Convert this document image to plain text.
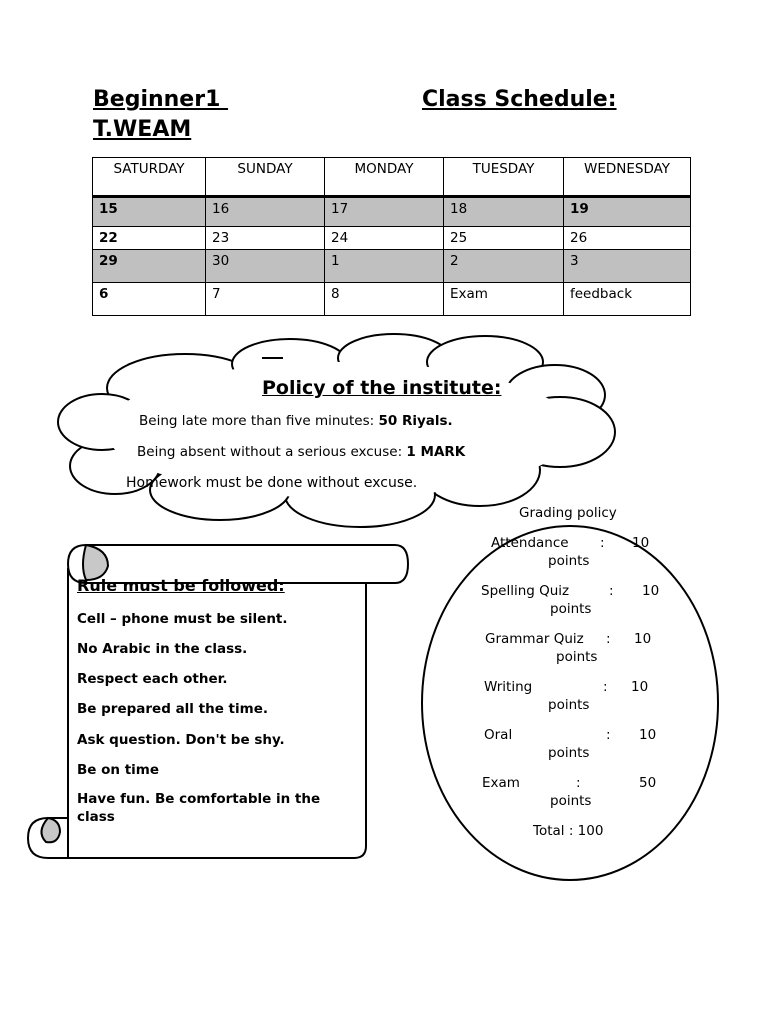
Beginner1	Class Schedule:
T.WEAM
SATURDAY	SUNDAY	MONDAY	TUESDAY	WEDNESDAY
15	16	17	18	19
22	23	24	25	26
29	30	1	2	3
6	7	8	Exam	feedback
Policy of the institute:
Being late more than five minutes: 50 Riyals.
Being absent without a serious excuse: 1 MARK
Homework must be done without excuse.
Rule must be followed:
Cell – phone must be silent.
No Arabic in the class.
Respect each other.
Be prepared all the time.
Ask question. Don't be shy.
Be on time
Have fun. Be comfortable in the class
Grading policy
Attendance : 10
points
Spelling Quiz	: 10
points
Grammar Quiz : 10
points
Writing	: 10
points
Oral	: 10
points
Exam	:	50
points
Total : 100
